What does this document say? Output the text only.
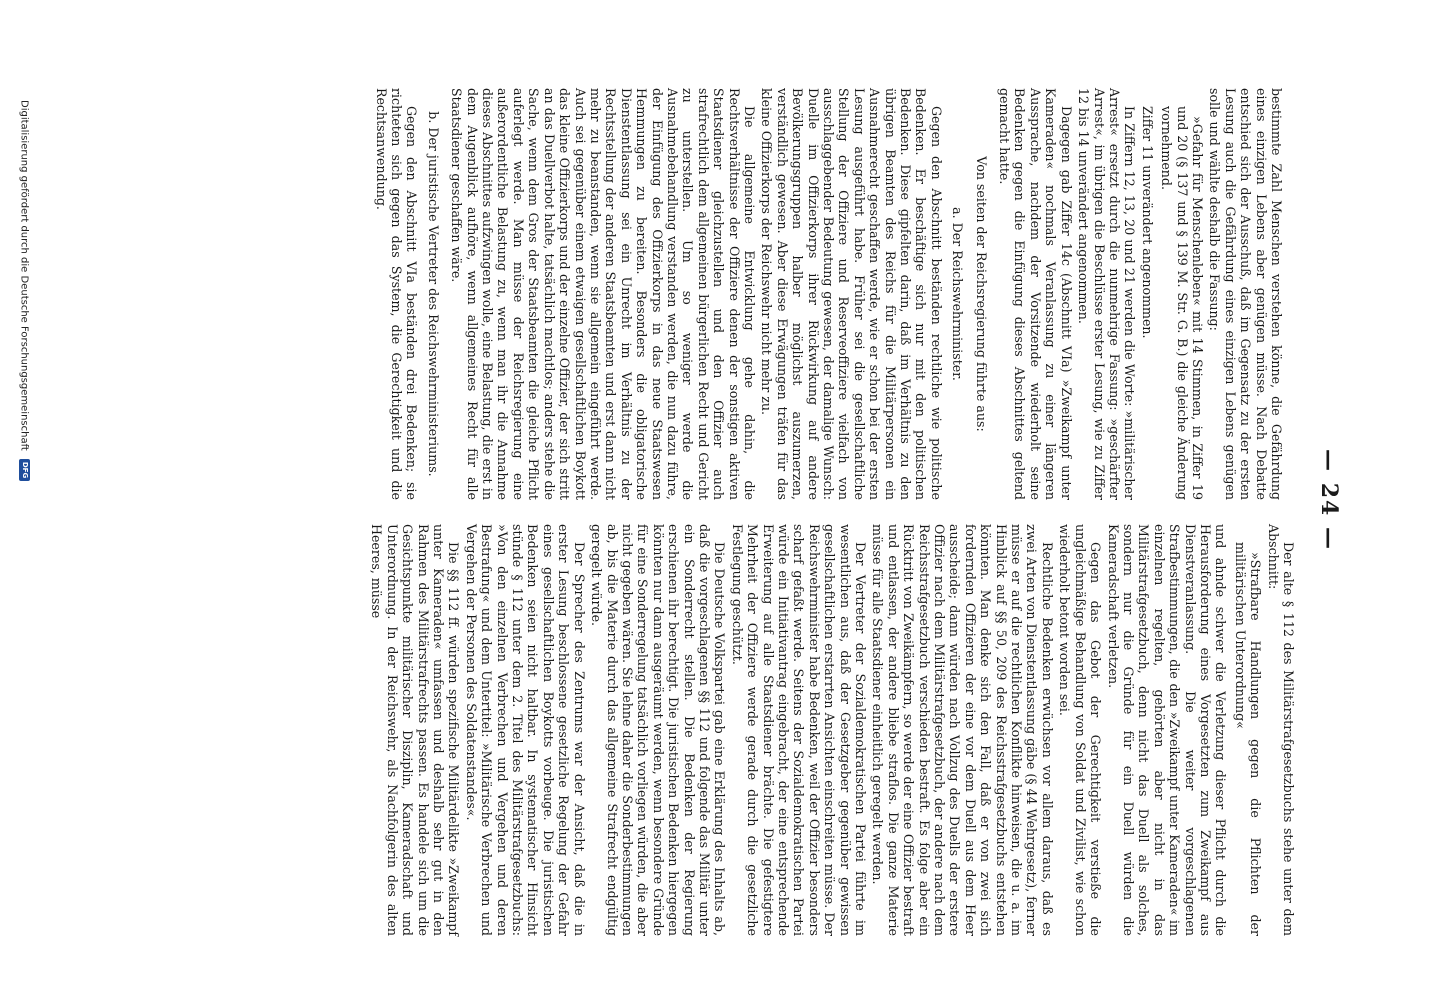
— 24 —

bestimmte Zahl Menschen verstehen könne, die Gefährdung eines einzigen Lebens aber genügen müsse. Nach Debatte entschied sich der Ausschuß, daß im Gegensatz zu der ersten Lesung auch die Gefährdung eines einzigen Lebens genügen solle und wählte deshalb die Fassung:

»Gefahr für Menschenleben« mit 14 Stimmen, in Ziffer 19 und 20 (§ 137 und § 139 M. Str. G. B.) die gleiche Änderung vornehmend.

Ziffer 11 unverändert angenommen.

In Ziffern 12, 13, 20 und 21 werden die Worte: »militärischer Arrest« ersetzt durch die nunmehrige Fassung: »geschärfter Arrest«, im übrigen die Beschlüsse erster Lesung, wie zu Ziffer 12 bis 14 unverändert angenommen.

Dagegen gab Ziffer 14c (Abschnitt VIa) »Zweikampf unter Kameraden« nochmals Veranlassung zu einer längeren Aussprache, nachdem der Vorsitzende wiederholt seine Bedenken gegen die Einfügung dieses Abschnittes geltend gemacht hatte.

Von seiten der Reichsregierung führte aus:

a. Der Reichswehrminister.

Gegen den Abschnitt beständen rechtliche wie politische Bedenken. Er beschäftige sich nur mit den politischen Bedenken. Diese gipfelten darin, daß im Verhältnis zu den übrigen Beamten des Reichs für die Militärpersonen ein Ausnahmerecht geschaffen werde, wie er schon bei der ersten Lesung ausgeführt habe. Früher sei die gesellschaftliche Stellung der Offiziere und Reserveoffiziere vielfach von ausschlaggebender Bedeutung gewesen, der damalige Wunsch: Duelle im Offizierkorps ihrer Rückwirkung auf andere Bevölkerungsgruppen halber möglichst auszumerzen, verständlich gewesen. Aber diese Erwägungen träfen für das kleine Offizierkorps der Reichswehr nicht mehr zu.

Die allgemeine Entwicklung gehe dahin, die Rechtsverhältnisse der Offiziere denen der sonstigen aktiven Staatsdiener gleichzustellen und den Offizier auch strafrechtlich dem allgemeinen bürgerlichen Recht und Gericht zu unterstellen. Um so weniger werde die Ausnahmebehandlung verstanden werden, die nun dazu führe, der Einfügung des Offizierkorps in das neue Staatswesen Hemmungen zu bereiten. Besonders die obligatorische Dienstentlassung sei ein Unrecht im Verhältnis zu der Rechtsstellung der anderen Staatsbeamten und erst dann nicht mehr zu beanstanden, wenn sie allgemein eingeführt werde. Auch sei gegenüber einem etwaigen gesellschaftlichen Boykott das kleine Offizierkorps und der einzelne Offizier, der sich stritt an das Duellverbot halte, tatsächlich machtlos; anders stehe die Sache, wenn dem Gros der Staatsbeamten die gleiche Pflicht auferlegt werde. Man müsse der Reichsregierung eine außerordentliche Belastung zu, wenn man ihr die Annahme dieses Abschnittes aufzwingen wolle, eine Belastung, die erst in dem Augenblick aufhöre, wenn allgemeines Recht für alle Staatsdiener geschaffen wäre.

b. Der juristische Vertreter des Reichswehrministeriums.

Gegen den Abschnitt VIa beständen drei Bedenken; sie richteten sich gegen das System, die Gerechtigkeit und die Rechtsanwendung.

Der alte § 112 des Militärstrafgesetzbuchs stehe unter dem Abschnitt:

»Strafbare Handlungen gegen die Pflichten der militärischen Unterordnung«

und ahnde schwer die Verletzung dieser Pflicht durch die Herausforderung eines Vorgesetzten zum Zweikampf aus Dienstveranlassung. Die weiter vorgeschlagenen Strafbestimmungen, die den »Zweikampf unter Kameraden« im einzelnen regelten, gehörten aber nicht in das Militärstrafgesetzbuch, denn nicht das Duell als solches, sondern nur die Gründe für ein Duell würden die Kameradschaft verletzen.

Gegen das Gebot der Gerechtigkeit verstieße die ungleichmäßige Behandlung von Soldat und Zivilist, wie schon wiederholt betont worden sei.

Rechtliche Bedenken erwüchsen vor allem daraus, daß es zwei Arten von Dienstentlassung gäbe (§ 44 Wehrgesetz), ferner müsse er auf die rechtlichen Konflikte hinweisen, die u. a. im Hinblick auf §§ 50, 209 des Reichsstrafgesetzbuchs entstehen könnten. Man denke sich den Fall, daß er von zwei sich fordernden Offizieren der eine vor dem Duell aus dem Heer ausscheide; dann würden nach Vollzug des Duells der erstere Offizier nach dem Militärstrafgesetzbuch, der andere nach dem Reichsstrafgesetzbuch verschieden bestraft. Es folge aber ein Rücktritt von Zweikämpfern, so werde der eine Offizier bestraft und entlassen, der andere bliebe straflos. Die ganze Materie müsse für alle Staatsdiener einheitlich geregelt werden.

Der Vertreter der Sozialdemokratischen Partei führte im wesentlichen aus, daß der Gesetzgeber gegenüber gewissen gesellschaftlichen erstarrten Ansichten einschreiten müsse. Der Reichswehrminister habe Bedenken, weil der Offizier besonders scharf gefaßt werde. Seitens der Sozialdemokratischen Partei würde ein Initiativantrag eingebracht, der eine entsprechende Erweiterung auf alle Staatsdiener brächte. Die gefestigtere Mehrheit der Offiziere werde gerade durch die gesetzliche Festlegung geschützt.

Die Deutsche Volkspartei gab eine Erklärung des Inhalts ab, daß die vorgeschlagenen §§ 112 und folgende das Militär unter ein Sonderrecht stellen. Die Bedenken der Regierung erschienen ihr berechtigt. Die juristischen Bedenken hiergegen könnten nur dann ausgeräumt werden, wenn besondere Gründe für eine Sonderregelung tatsächlich vorliegen würden, die aber nicht gegeben wären. Sie lehne daher die Sonderbestimmungen ab, bis die Materie durch das allgemeine Strafrecht endgültig geregelt würde.

Der Sprecher des Zentrums war der Ansicht, daß die in erster Lesung beschlossene gesetzliche Regelung der Gefahr eines gesellschaftlichen Boykotts vorbeuge. Die juristischen Bedenken seien nicht haltbar. In systematischer Hinsicht stünde § 112 unter dem 2. Titel des Militärstrafgesetzbuchs: »Von den einzelnen Verbrechen und Vergehen und deren Bestrafung« und dem Untertitel: »Militärische Verbrechen und Vergehen der Personen des Soldatenstandes«.

Die §§ 112 ff. würden spezifische Militärdelikte »Zweikampf unter Kameraden« umfassen und deshalb sehr gut in den Rahmen des Militärstrafrechts passen. Es handele sich um die Gesichtspunkte militärischer Disziplin, Kameradschaft und Unterordnung. In der Reichswehr, als Nachfolgerin des alten Heeres, müsse

Digitalisierung gefördert durch die Deutsche Forschungsgemeinschaft DFG
